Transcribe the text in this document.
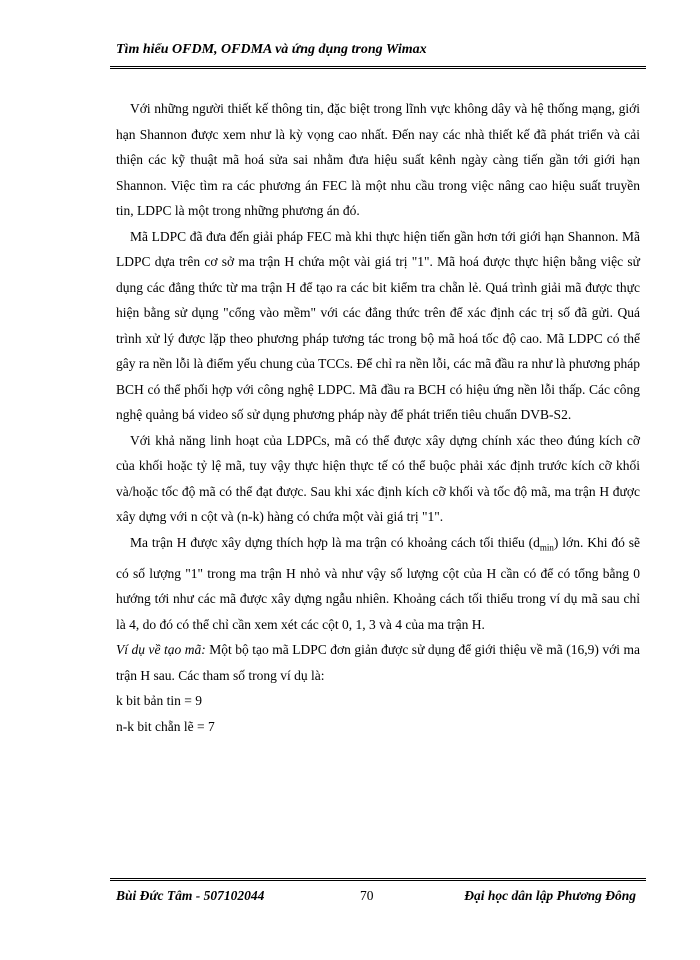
Tìm hiểu OFDM, OFDMA và ứng dụng trong Wimax

Với những người thiết kế thông tin, đặc biệt trong lĩnh vực không dây và hệ thống mạng, giới hạn Shannon được xem như là kỳ vọng cao nhất. Đến nay các nhà thiết kế đã phát triển và cải thiện các kỹ thuật mã hoá sửa sai nhằm đưa hiệu suất kênh ngày càng tiến gần tới giới hạn Shannon. Việc tìm ra các phương án FEC là một nhu cầu trong việc nâng cao hiệu suất truyền tin, LDPC là một trong những phương án đó.

Mã LDPC đã đưa đến giải pháp FEC mà khi thực hiện tiến gần hơn tới giới hạn Shannon. Mã LDPC dựa trên cơ sở ma trận H chứa một vài giá trị "1". Mã hoá được thực hiện bằng việc sử dụng các đẳng thức từ ma trận H để tạo ra các bit kiểm tra chẵn lẻ. Quá trình giải mã được thực hiện bằng sử dụng "cổng vào mềm" với các đẳng thức trên để xác định các trị số đã gửi. Quá trình xử lý được lặp theo phương pháp tương tác trong bộ mã hoá tốc độ cao. Mã LDPC có thể gây ra nền lỗi là điểm yếu chung của TCCs. Để chỉ ra nền lỗi, các mã đầu ra như là phương pháp BCH có thể phối hợp với công nghệ LDPC. Mã đầu ra BCH có hiệu ứng nền lỗi thấp. Các công nghệ quảng bá video số sử dụng phương pháp này để phát triển tiêu chuẩn DVB-S2.

Với khả năng linh hoạt của LDPCs, mã có thể được xây dựng chính xác theo đúng kích cỡ của khối hoặc tỷ lệ mã, tuy vậy thực hiện thực tế có thể buộc phải xác định trước kích cỡ khối và/hoặc tốc độ mã có thể đạt được. Sau khi xác định kích cỡ khối và tốc độ mã, ma trận H được xây dựng với n cột và (n-k) hàng có chứa một vài giá trị "1".

Ma trận H được xây dựng thích hợp là ma trận có khoảng cách tối thiểu $(d_{min})$ lớn. Khi đó sẽ có số lượng "1" trong ma trận H nhỏ và như vậy số lượng cột của H cần có để có tổng bằng 0 hướng tới như các mã được xây dựng ngẫu nhiên. Khoảng cách tối thiểu trong ví dụ mã sau chỉ là 4, do đó có thể chỉ cần xem xét các cột 0, 1, 3 và 4 của ma trận H.

Ví dụ về tạo mã: Một bộ tạo mã LDPC đơn giản được sử dụng để giới thiệu về mã (16,9) với ma trận H sau. Các tham số trong ví dụ là:

k bit bản tin = 9

n-k bit chẵn lẽ = 7

Bùi Đức Tâm - 507102044	70	Đại học dân lập Phương Đông
